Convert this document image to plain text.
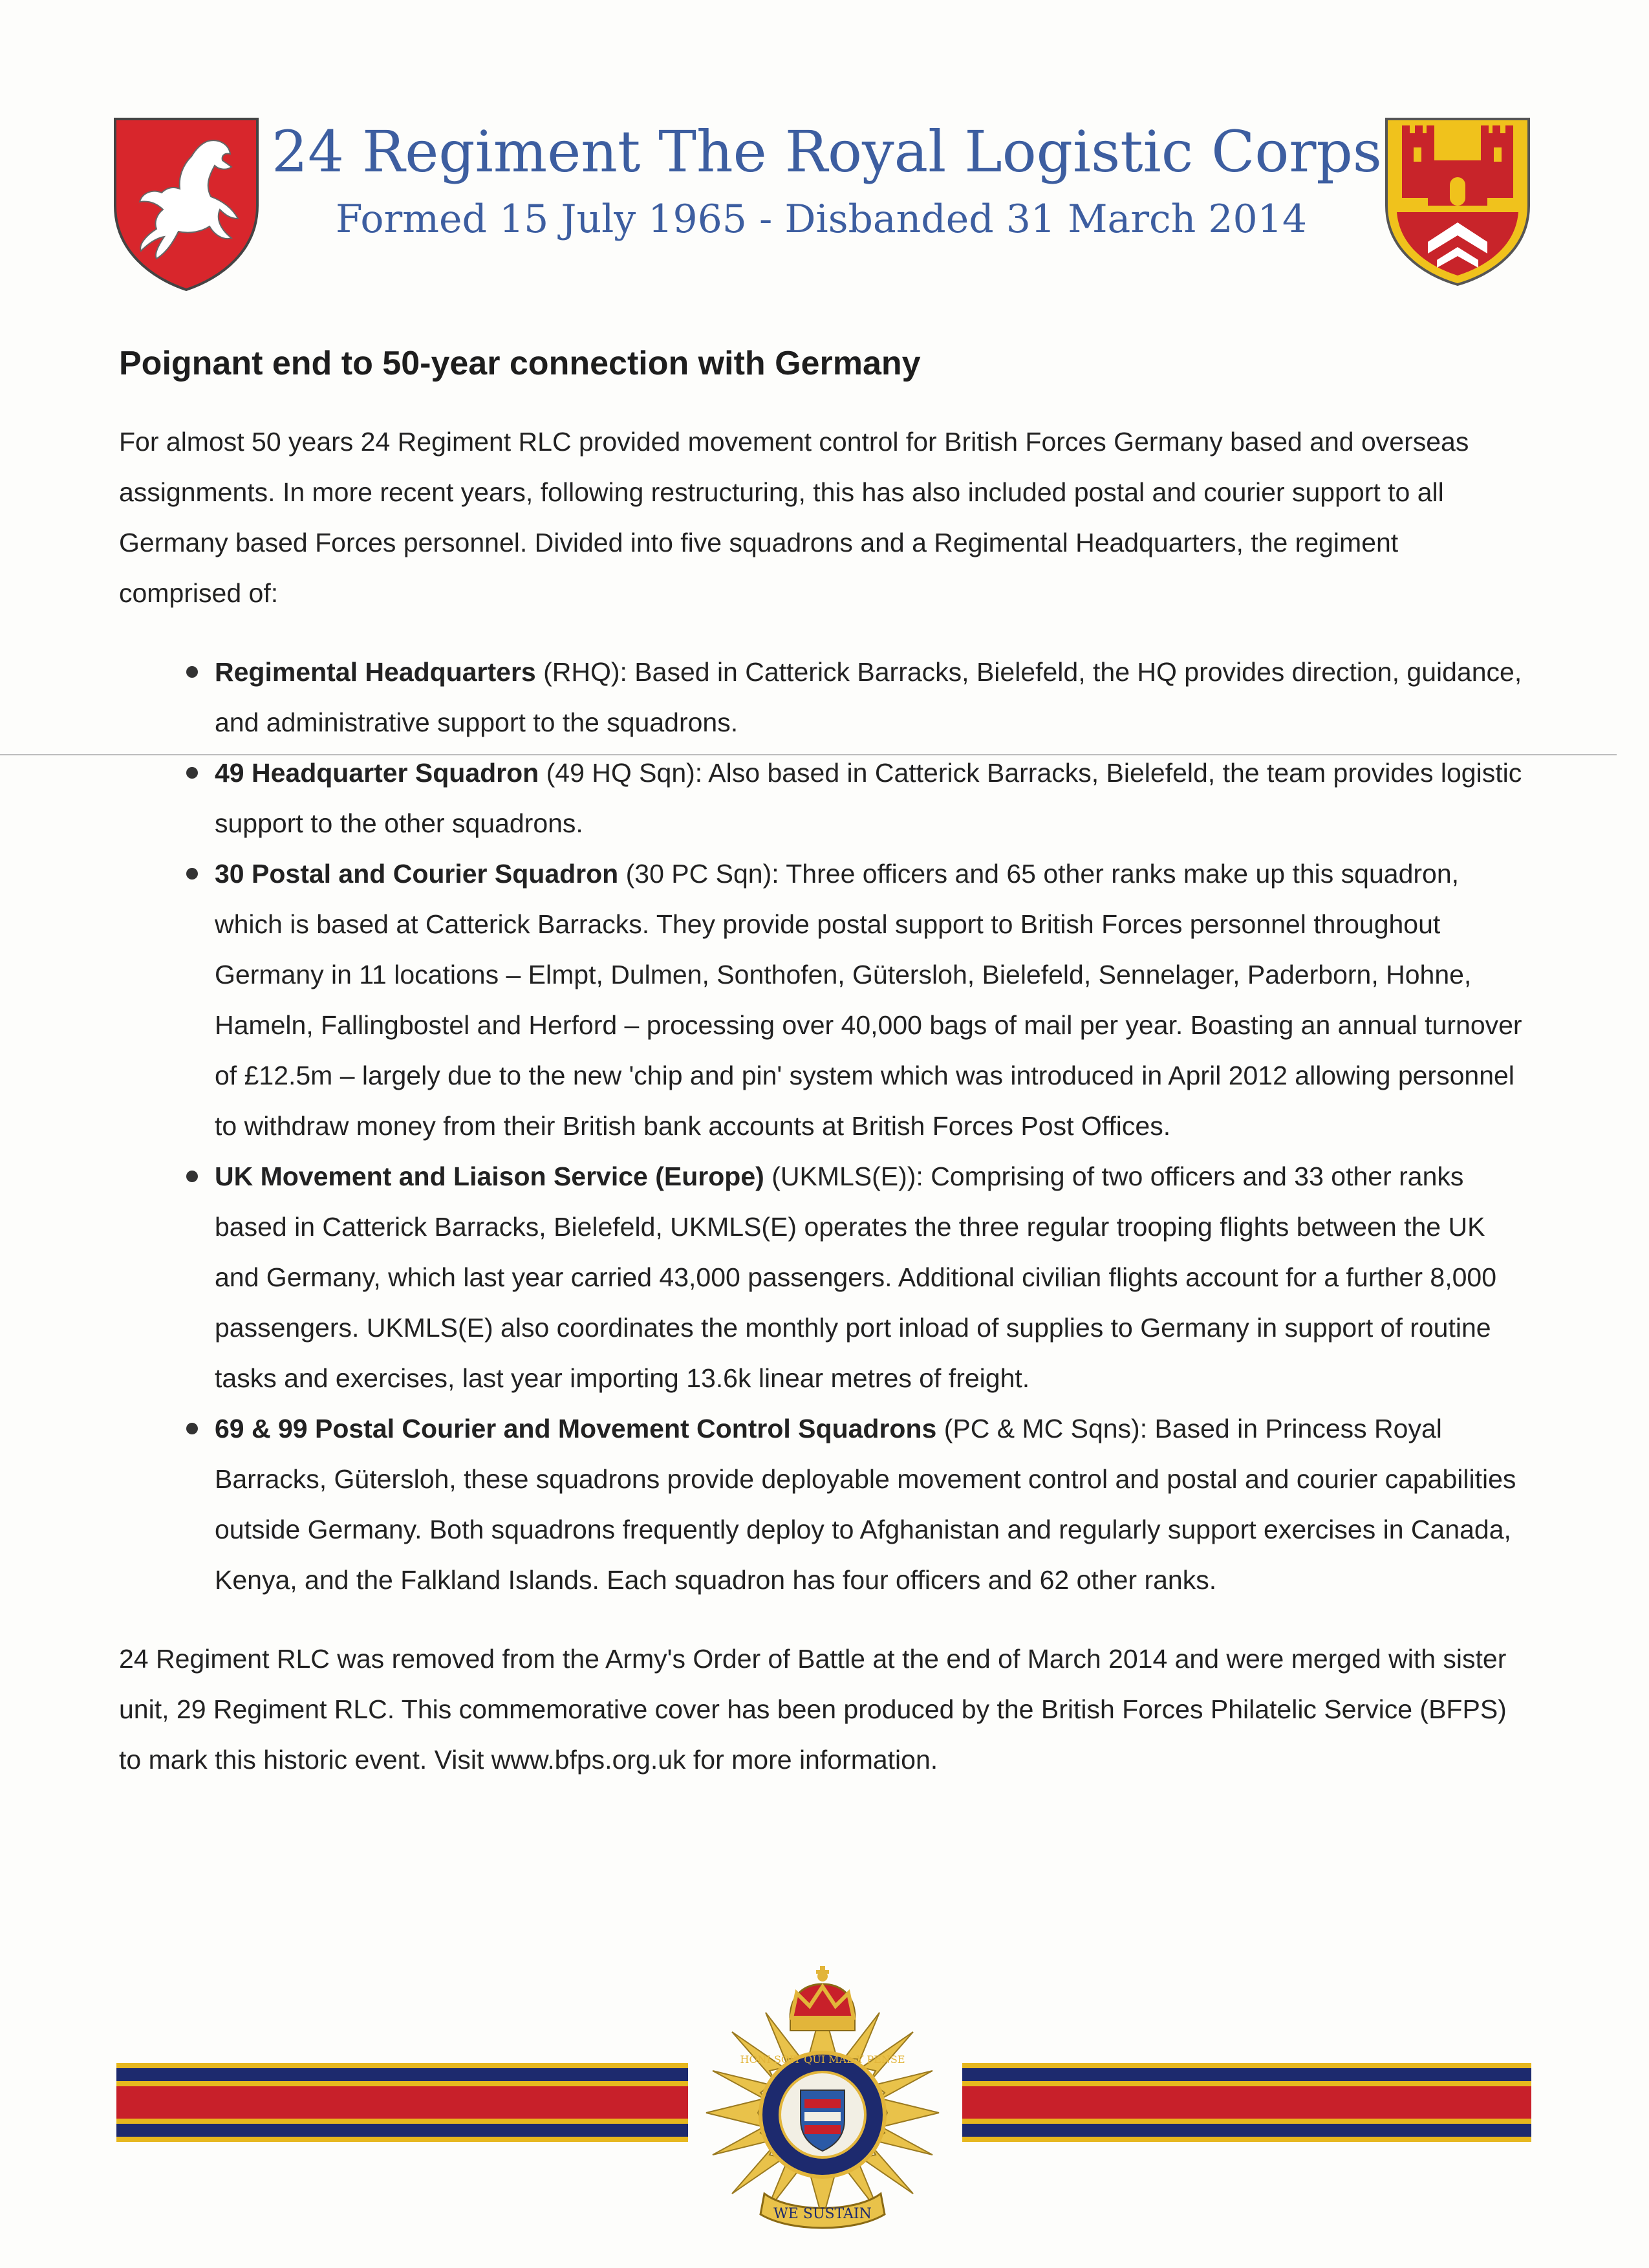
24 Regiment The Royal Logistic Corps
Formed 15 July 1965 - Disbanded 31 March 2014
Poignant end to 50-year connection with Germany

For almost 50 years 24 Regiment RLC provided movement control for British Forces Germany based and overseas assignments. In more recent years, following restructuring, this has also included postal and courier support to all Germany based Forces personnel. Divided into five squadrons and a Regimental Headquarters, the regiment comprised of:

Regimental Headquarters (RHQ): Based in Catterick Barracks, Bielefeld, the HQ provides direction, guidance, and administrative support to the squadrons.
49 Headquarter Squadron (49 HQ Sqn): Also based in Catterick Barracks, Bielefeld, the team provides logistic support to the other squadrons.
30 Postal and Courier Squadron (30 PC Sqn): Three officers and 65 other ranks make up this squadron, which is based at Catterick Barracks. They provide postal support to British Forces personnel throughout Germany in 11 locations – Elmpt, Dulmen, Sonthofen, Gütersloh, Bielefeld, Sennelager, Paderborn, Hohne, Hameln, Fallingbostel and Herford – processing over 40,000 bags of mail per year. Boasting an annual turnover of £12.5m – largely due to the new 'chip and pin' system which was introduced in April 2012 allowing personnel to withdraw money from their British bank accounts at British Forces Post Offices.
UK Movement and Liaison Service (Europe) (UKMLS(E)): Comprising of two officers and 33 other ranks based in Catterick Barracks, Bielefeld, UKMLS(E) operates the three regular trooping flights between the UK and Germany, which last year carried 43,000 passengers. Additional civilian flights account for a further 8,000 passengers. UKMLS(E) also coordinates the monthly port inload of supplies to Germany in support of routine tasks and exercises, last year importing 13.6k linear metres of freight.
69 & 99 Postal Courier and Movement Control Squadrons (PC & MC Sqns): Based in Princess Royal Barracks, Gütersloh, these squadrons provide deployable movement control and postal and courier capabilities outside Germany. Both squadrons frequently deploy to Afghanistan and regularly support exercises in Canada, Kenya, and the Falkland Islands. Each squadron has four officers and 62 other ranks.

24 Regiment RLC was removed from the Army's Order of Battle at the end of March 2014 and were merged with sister unit, 29 Regiment RLC. This commemorative cover has been produced by the British Forces Philatelic Service (BFPS) to mark this historic event. Visit www.bfps.org.uk for more information.

WE SUSTAIN
HONI SOIT QUI MAL Y PENSE
